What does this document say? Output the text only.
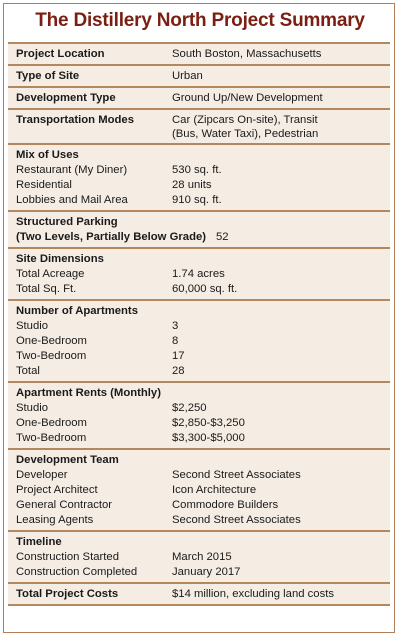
The Distillery North Project Summary
Project Location	South Boston, Massachusetts
Type of Site	Urban
Development Type	Ground Up/New Development
Transportation Modes	Car (Zipcars On-site), Transit
(Bus, Water Taxi), Pedestrian
Mix of Uses
Restaurant (My Diner)	530 sq. ft.
Residential	28 units
Lobbies and Mail Area	910 sq. ft.
Structured Parking
(Two Levels, Partially Below Grade) 52
Site Dimensions
Total Acreage	1.74 acres
Total Sq. Ft.	60,000 sq. ft.
Number of Apartments
Studio	3
One-Bedroom	8
Two-Bedroom	17
Total	28
Apartment Rents (Monthly)
Studio	$2,250
One-Bedroom	$2,850-$3,250
Two-Bedroom	$3,300-$5,000
Development Team
Developer	Second Street Associates
Project Architect	Icon Architecture
General Contractor	Commodore Builders
Leasing Agents	Second Street Associates
Timeline
Construction Started	March 2015
Construction Completed	January 2017
Total Project Costs	$14 million, excluding land costs
